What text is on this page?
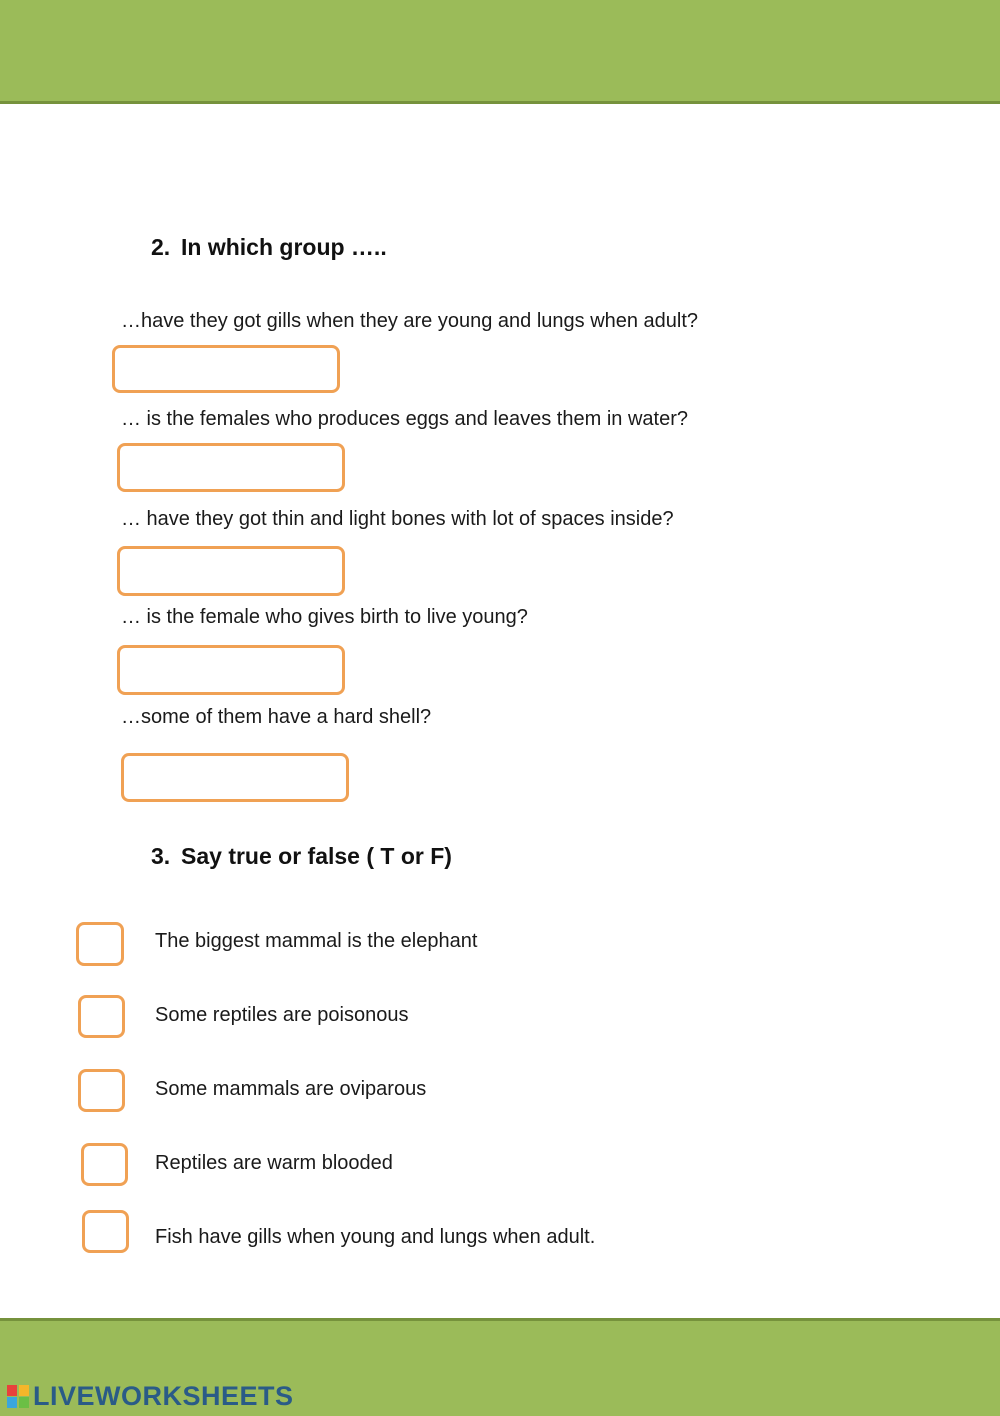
2. In which group …..
…have they got gills when they are young and lungs when adult?
… is the females who produces eggs and leaves them in water?
… have they got thin and light bones with lot of spaces inside?
… is the female who gives birth to live young?
…some of them have a hard shell?
3. Say true or false ( T or F)
The biggest mammal is the elephant
Some reptiles are poisonous
Some mammals are oviparous
Reptiles are warm blooded
Fish have gills when young and lungs when adult.
LIVEWORKSHEETS
